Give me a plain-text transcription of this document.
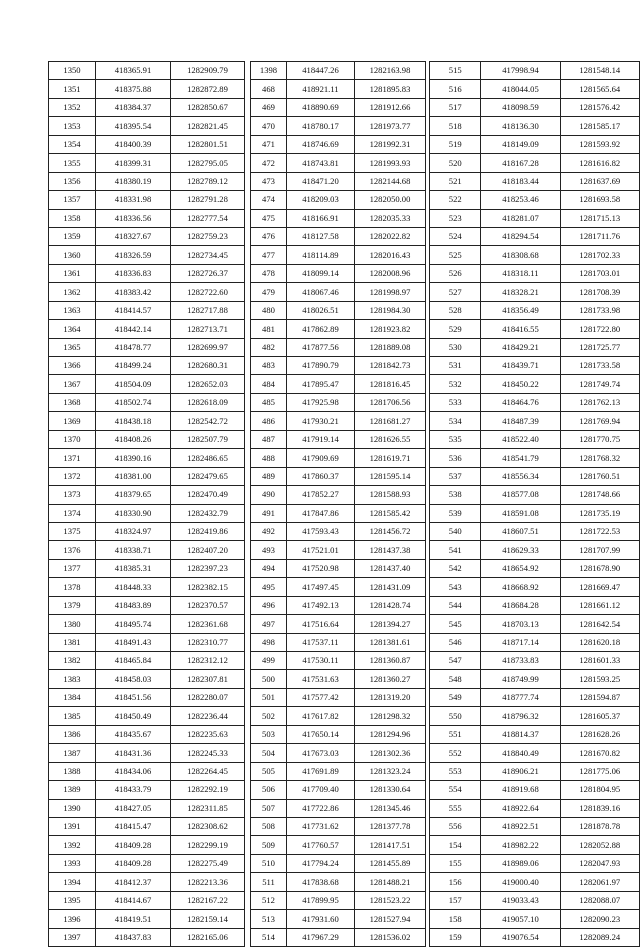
1350	418365.91	1282909.79
1351	418375.88	1282872.89
1352	418384.37	1282850.67
1353	418395.54	1282821.45
1354	418400.39	1282801.51
1355	418399.31	1282795.05
1356	418380.19	1282789.12
1357	418331.98	1282791.28
1358	418336.56	1282777.54
1359	418327.67	1282759.23
1360	418326.59	1282734.45
1361	418336.83	1282726.37
1362	418383.42	1282722.60
1363	418414.57	1282717.88
1364	418442.14	1282713.71
1365	418478.77	1282699.97
1366	418499.24	1282680.31
1367	418504.09	1282652.03
1368	418502.74	1282618.09
1369	418438.18	1282542.72
1370	418408.26	1282507.79
1371	418390.16	1282486.65
1372	418381.00	1282479.65
1373	418379.65	1282470.49
1374	418330.90	1282432.79
1375	418324.97	1282419.86
1376	418338.71	1282407.20
1377	418385.31	1282397.23
1378	418448.33	1282382.15
1379	418483.89	1282370.57
1380	418495.74	1282361.68
1381	418491.43	1282310.77
1382	418465.84	1282312.12
1383	418458.03	1282307.81
1384	418451.56	1282280.07
1385	418450.49	1282236.44
1386	418435.67	1282235.63
1387	418431.36	1282245.33
1388	418434.06	1282264.45
1389	418433.79	1282292.19
1390	418427.05	1282311.85
1391	418415.47	1282308.62
1392	418409.28	1282299.19
1393	418409.28	1282275.49
1394	418412.37	1282213.36
1395	418414.67	1282167.22
1396	418419.51	1282159.14
1397	418437.83	1282165.06
1398	418447.26	1282163.98
468	418921.11	1281895.83
469	418890.69	1281912.66
470	418780.17	1281973.77
471	418746.69	1281992.31
472	418743.81	1281993.93
473	418471.20	1282144.68
474	418209.03	1282050.00
475	418166.91	1282035.33
476	418127.58	1282022.82
477	418114.89	1282016.43
478	418099.14	1282008.96
479	418067.46	1281998.97
480	418026.51	1281984.30
481	417862.89	1281923.82
482	417877.56	1281889.08
483	417890.79	1281842.73
484	417895.47	1281816.45
485	417925.98	1281706.56
486	417930.21	1281681.27
487	417919.14	1281626.55
488	417909.69	1281619.71
489	417860.37	1281595.14
490	417852.27	1281588.93
491	417847.86	1281585.42
492	417593.43	1281456.72
493	417521.01	1281437.38
494	417520.98	1281437.40
495	417497.45	1281431.09
496	417492.13	1281428.74
497	417516.64	1281394.27
498	417537.11	1281381.61
499	417530.11	1281360.87
500	417531.63	1281360.27
501	417577.42	1281319.20
502	417617.82	1281298.32
503	417650.14	1281294.96
504	417673.03	1281302.36
505	417691.89	1281323.24
506	417709.40	1281330.64
507	417722.86	1281345.46
508	417731.62	1281377.78
509	417760.57	1281417.51
510	417794.24	1281455.89
511	417838.68	1281488.21
512	417899.95	1281523.22
513	417931.60	1281527.94
514	417967.29	1281536.02
515	417998.94	1281548.14
516	418044.05	1281565.64
517	418098.59	1281576.42
518	418136.30	1281585.17
519	418149.09	1281593.92
520	418167.28	1281616.82
521	418183.44	1281637.69
522	418253.46	1281693.58
523	418281.07	1281715.13
524	418294.54	1281711.76
525	418308.68	1281702.33
526	418318.11	1281703.01
527	418328.21	1281708.39
528	418356.49	1281733.98
529	418416.55	1281722.80
530	418429.21	1281725.77
531	418439.71	1281733.58
532	418450.22	1281749.74
533	418464.76	1281762.13
534	418487.39	1281769.94
535	418522.40	1281770.75
536	418541.79	1281768.32
537	418556.34	1281760.51
538	418577.08	1281748.66
539	418591.08	1281735.19
540	418607.51	1281722.53
541	418629.33	1281707.99
542	418654.92	1281678.90
543	418668.92	1281669.47
544	418684.28	1281661.12
545	418703.13	1281642.54
546	418717.14	1281620.18
547	418733.83	1281601.33
548	418749.99	1281593.25
549	418777.74	1281594.87
550	418796.32	1281605.37
551	418814.37	1281628.26
552	418840.49	1281670.82
553	418906.21	1281775.06
554	418919.68	1281804.95
555	418922.64	1281839.16
556	418922.51	1281878.78
154	418982.22	1282052.88
155	418989.06	1282047.93
156	419000.40	1282061.97
157	419033.43	1282088.07
158	419057.10	1282090.23
159	419076.54	1282089.24
